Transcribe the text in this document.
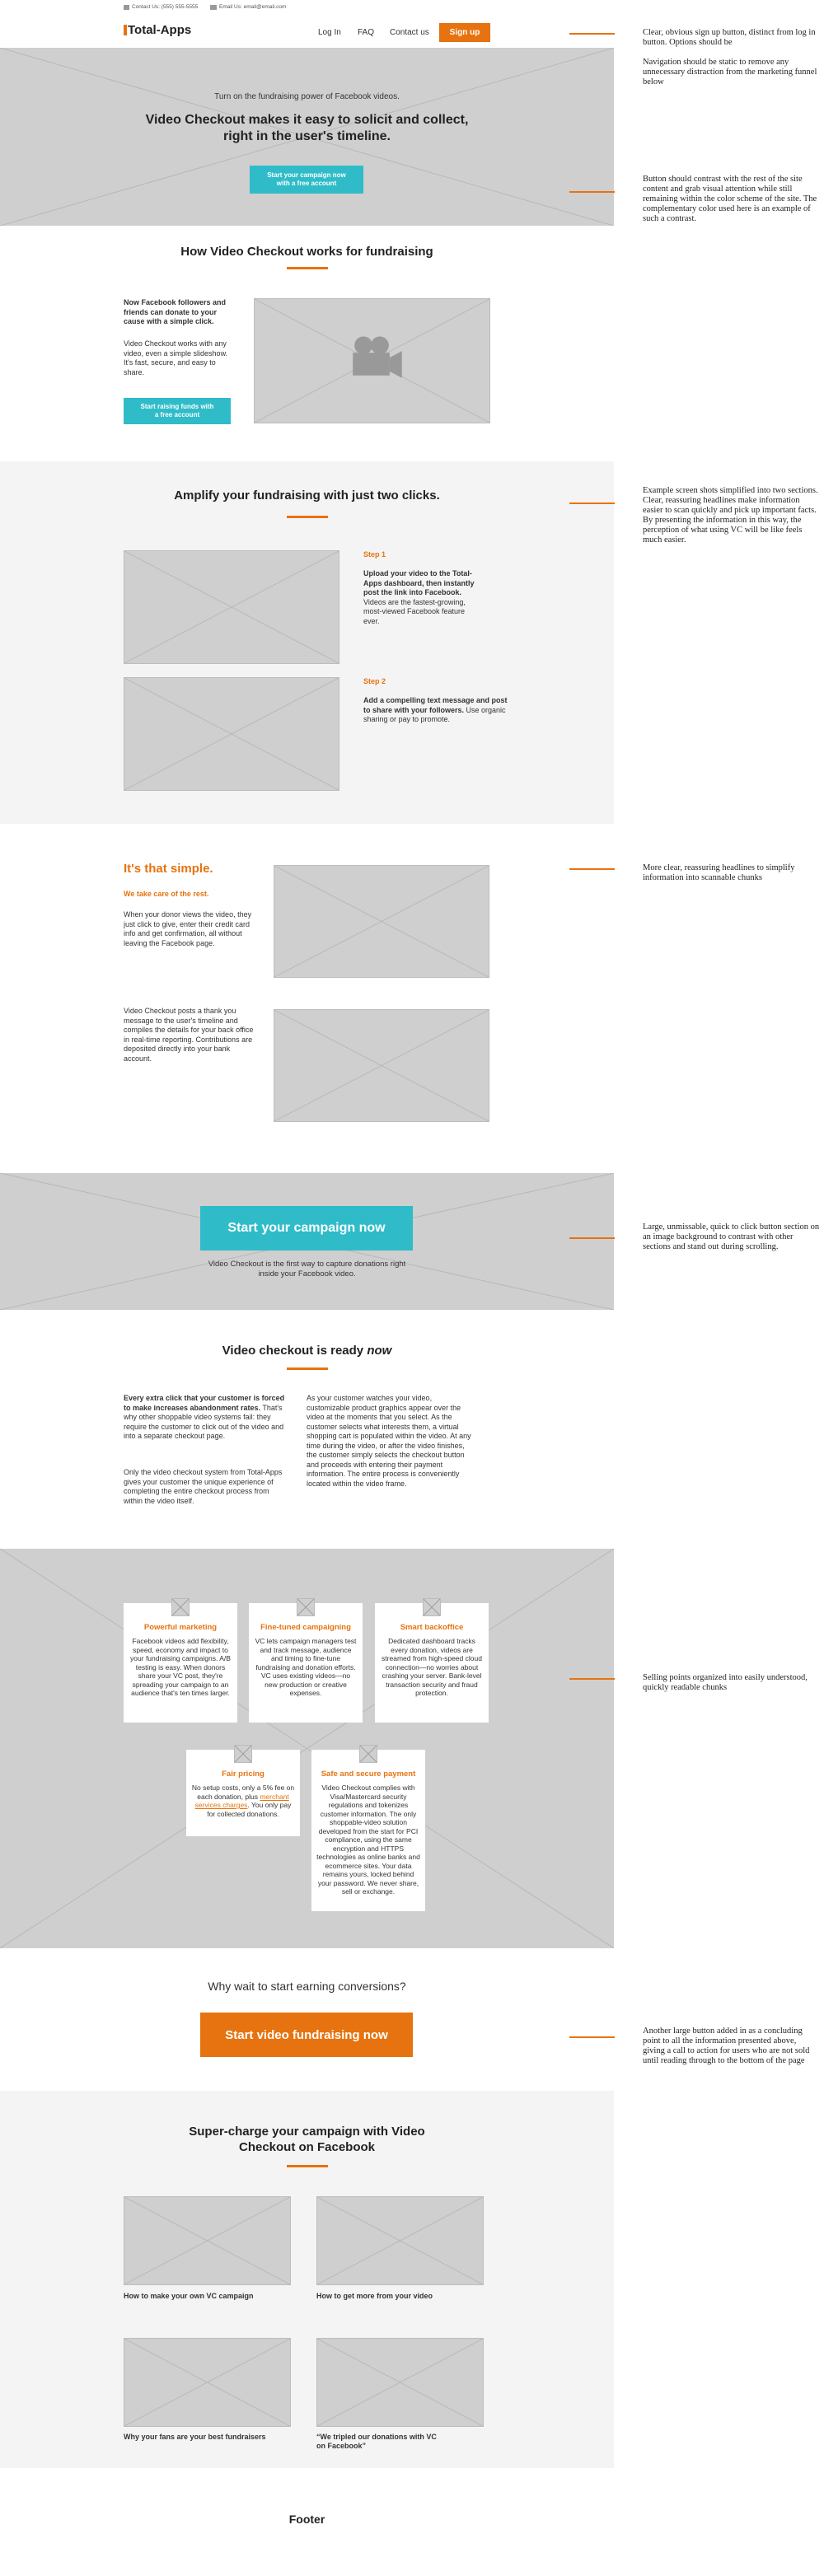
Contact Us: (555) 555-5555	Email Us: email@email.com
Total-Apps	Log In FAQ Contact us	Sign up
Turn on the fundraising power of Facebook videos.
Video Checkout makes it easy to solicit and collect, right in the user's timeline.
Start your campaign now with a free account
How Video Checkout works for fundraising
Now Facebook followers and friends can donate to your cause with a simple click.
Video Checkout works with any video, even a simple slideshow. It's fast, secure, and easy to share.
Start raising funds with a free account
Amplify your fundraising with just two clicks.
Step 1
Upload your video to the Total-Apps dashboard, then instantly post the link into Facebook. Videos are the fastest-growing, most-viewed Facebook feature ever.
Step 2
Add a compelling text message and post to share with your followers. Use organic sharing or pay to promote.
It's that simple.
We take care of the rest.
When your donor views the video, they just click to give, enter their credit card info and get confirmation, all without leaving the Facebook page.
Video Checkout posts a thank you message to the user's timeline and compiles the details for your back office in real-time reporting. Contributions are deposited directly into your bank account.
Start your campaign now
Video Checkout is the first way to capture donations right inside your Facebook video.
Video checkout is ready now
Every extra click that your customer is forced to make increases abandonment rates. That's why other shoppable video systems fail: they require the customer to click out of the video and into a separate checkout page.
Only the video checkout system from Total-Apps gives your customer the unique experience of completing the entire checkout process from within the video itself.
As your customer watches your video, customizable product graphics appear over the video at the moments that you select. As the customer selects what interests them, a virtual shopping cart is populated within the video. At any time during the video, or after the video finishes, the customer simply selects the checkout button and proceeds with entering their payment information. The entire process is conveniently located within the video frame.
Powerful marketing

Facebook videos add flexibility, speed, economy and impact to your fundraising campaigns. A/B testing is easy. When donors share your VC post, they're spreading your campaign to an audience that's ten times larger.

Fine-tuned campaigning

VC lets campaign managers test and track message, audience and timing to fine-tune fundraising and donation efforts. VC uses existing videos—no new production or creative expenses.

Smart backoffice

Dedicated dashboard tracks every donation, videos are streamed from high-speed cloud connection—no worries about crashing your server. Bank-level transaction security and fraud protection.

Fair pricing

No setup costs, only a 5% fee on each donation, plus merchant services charges. You only pay for collected donations.

Safe and secure payment

Video Checkout complies with Visa/Mastercard security regulations and tokenizes customer information. The only shoppable-video solution developed from the start for PCI compliance, using the same encryption and HTTPS technologies as online banks and ecommerce sites. Your data remains yours, locked behind your password. We never share, sell or exchange.

Why wait to start earning conversions?
Start video fundraising now
Super-charge your campaign with Video Checkout on Facebook
How to make your own VC campaign	How to get more from your video
Why your fans are your best fundraisers	“We tripled our donations with VC on Facebook”
Footer
Clear, obvious sign up button, distinct from log in button. Options should be
Navigation should be static to remove any unnecessary distraction from the marketing funnel below
Button should contrast with the rest of the site content and grab visual attention while still remaining within the color scheme of the site. The complementary color used here is an example of such a contrast.
Example screen shots simplified into two sections. Clear, reassuring headlines make information easier to scan quickly and pick up important facts. By presenting the information in this way, the perception of what using VC will be like feels much easier.
More clear, reassuring headlines to simplify information into scannable chunks
Large, unmissable, quick to click button section on an image background to contrast with other sections and stand out during scrolling.
Selling points organized into easily understood, quickly readable chunks
Another large button added in as a concluding point to all the information presented above, giving a call to action for users who are not sold until reading through to the bottom of the page
